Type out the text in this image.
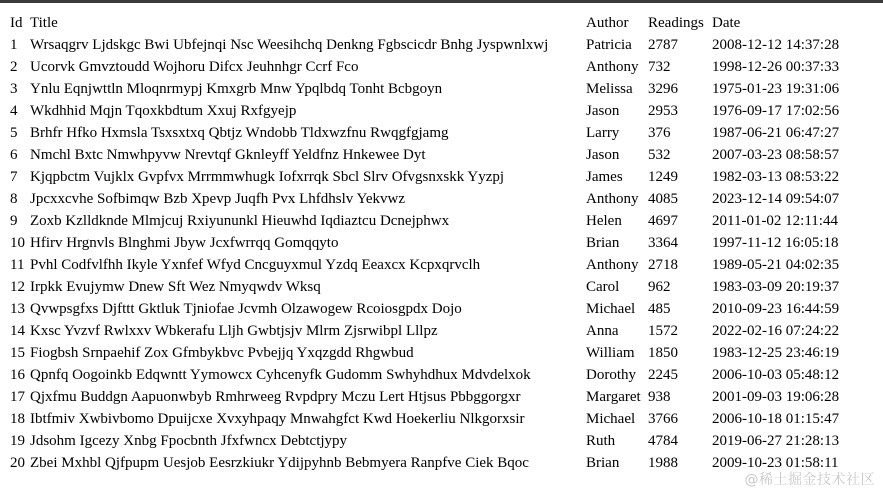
Id	Title	Author	Readings	Date
1	Wrsaqgrv Ljdskgc Bwi Ubfejnqi Nsc Weesihchq Denkng Fgbscicdr Bnhg Jyspwnlxwj	Patricia	2787	2008-12-12 14:37:28
2	Ucorvk Gmvztoudd Wojhoru Difcx Jeuhnhgr Ccrf Fco	Anthony	732	1998-12-26 00:37:33
3	Ynlu Eqnjwttln Mloqnrmypj Kmxgrb Mnw Ypqlbdq Tonht Bcbgoyn	Melissa	3296	1975-01-23 19:31:06
4	Wkdhhid Mqjn Tqoxkbdtum Xxuj Rxfgyejp	Jason	2953	1976-09-17 17:02:56
5	Brhfr Hfko Hxmsla Tsxsxtxq Qbtjz Wndobb Tldxwzfnu Rwqgfgjamg	Larry	376	1987-06-21 06:47:27
6	Nmchl Bxtc Nmwhpyvw Nrevtqf Gknleyff Yeldfnz Hnkewee Dyt	Jason	532	2007-03-23 08:58:57
7	Kjqpbctm Vujklx Gvpfvx Mrrmmwhugk Iofxrrqk Sbcl Slrv Ofvgsnxskk Yyzpj	James	1249	1982-03-13 08:53:22
8	Jpcxxcvhe Sofbimqw Bzb Xpevp Juqfh Pvx Lhfdhslv Yekvwz	Anthony	4085	2023-12-14 09:54:07
9	Zoxb Kzlldknde Mlmjcuj Rxiyununkl Hieuwhd Iqdiaztcu Dcnejphwx	Helen	4697	2011-01-02 12:11:44
10	Hfirv Hrgnvls Blnghmi Jbyw Jcxfwrrqq Gomqqyto	Brian	3364	1997-11-12 16:05:18
11	Pvhl Codfvlfhh Ikyle Yxnfef Wfyd Cncguyxmul Yzdq Eeaxcx Kcpxqrvclh	Anthony	2718	1989-05-21 04:02:35
12	Irpkk Evujymw Dnew Sft Wez Nmyqwdv Wksq	Carol	962	1983-03-09 20:19:37
13	Qvwpsgfxs Djfttt Gktluk Tjniofae Jcvmh Olzawogew Rcoiosgpdx Dojo	Michael	485	2010-09-23 16:44:59
14	Kxsc Yvzvf Rwlxxv Wbkerafu Lljh Gwbtjsjv Mlrm Zjsrwibpl Lllpz	Anna	1572	2022-02-16 07:24:22
15	Fiogbsh Srnpaehif Zox Gfmbykbvc Pvbejjq Yxqzgdd Rhgwbud	William	1850	1983-12-25 23:46:19
16	Qpnfq Oogoinkb Edqwntt Yymowcx Cyhcenyfk Gudomm Swhyhdhux Mdvdelxok	Dorothy	2245	2006-10-03 05:48:12
17	Qjxfmu Buddgn Aapuonwbyb Rmhrweeg Rvpdpry Mczu Lert Htjsus Pbbggorgxr	Margaret	938	2001-09-03 19:06:28
18	Ibtfmiv Xwbivbomo Dpuijcxe Xvxyhpaqy Mnwahgfct Kwd Hoekerliu Nlkgorxsir	Michael	3766	2006-10-18 01:15:47
19	Jdsohm Igcezy Xnbg Fpocbnth Jfxfwncx Debtctjypy	Ruth	4784	2019-06-27 21:28:13
20	Zbei Mxhbl Qjfpupm Uesjob Eesrzkiukr Ydijpyhnb Bebmyera Ranpfve Ciek Bqoc	Brian	1988	2009-10-23 01:58:11
@稀土掘金技术社区
